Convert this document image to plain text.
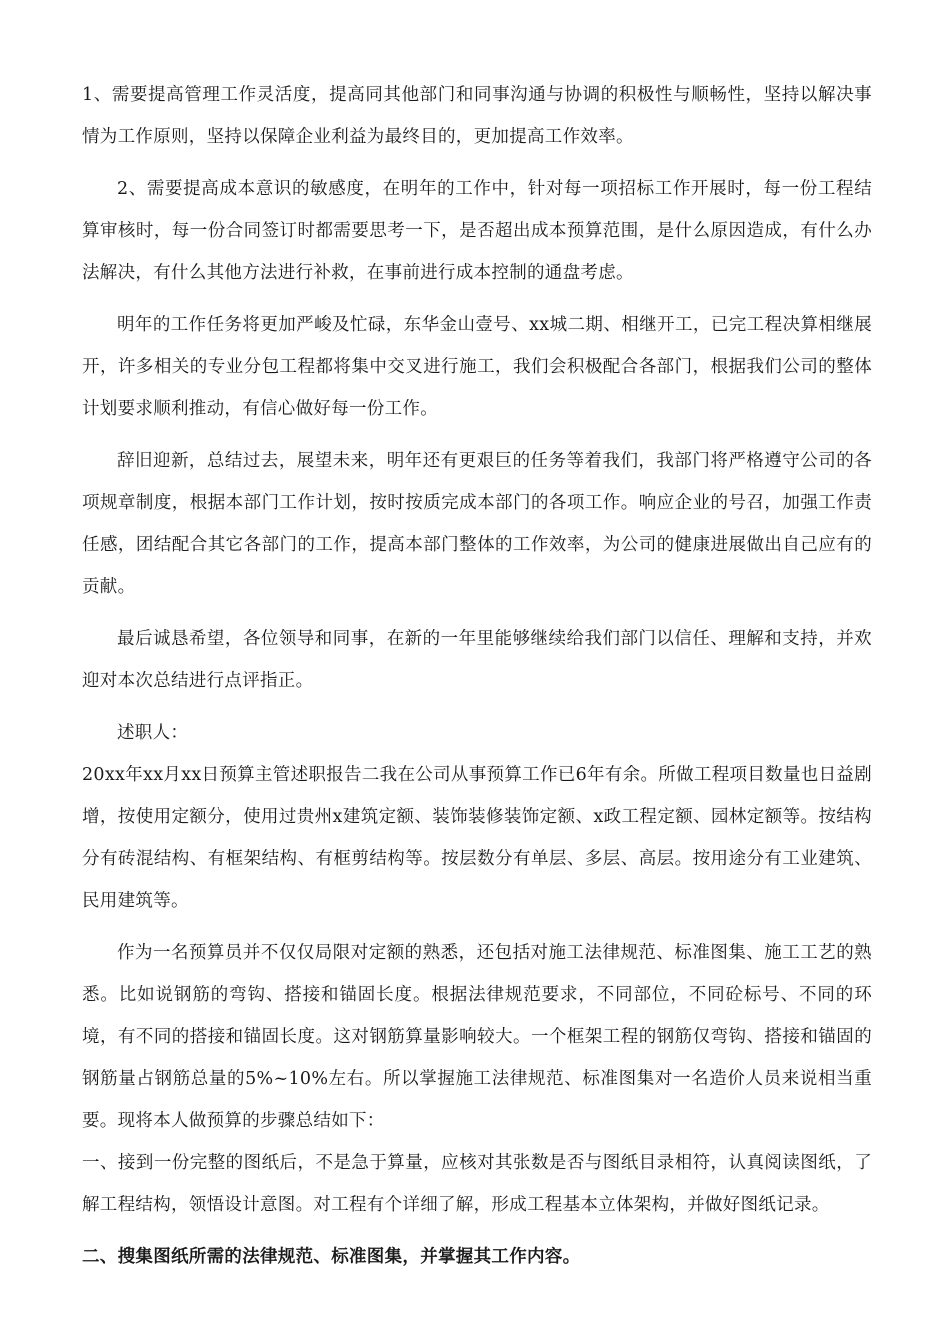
1、需要提高管理工作灵活度，提高同其他部门和同事沟通与协调的积极性与顺畅性，坚持以解决事情为工作原则，坚持以保障企业利益为最终目的，更加提高工作效率。

2、需要提高成本意识的敏感度，在明年的工作中，针对每一项招标工作开展时，每一份工程结算审核时，每一份合同签订时都需要思考一下，是否超出成本预算范围，是什么原因造成，有什么办法解决，有什么其他方法进行补救，在事前进行成本控制的通盘考虑。

明年的工作任务将更加严峻及忙碌，东华金山壹号、xx城二期、相继开工，已完工程决算相继展开，许多相关的专业分包工程都将集中交叉进行施工，我们会积极配合各部门，根据我们公司的整体计划要求顺利推动，有信心做好每一份工作。

辞旧迎新，总结过去，展望未来，明年还有更艰巨的任务等着我们，我部门将严格遵守公司的各项规章制度，根据本部门工作计划，按时按质完成本部门的各项工作。响应企业的号召，加强工作责任感，团结配合其它各部门的工作，提高本部门整体的工作效率，为公司的健康进展做出自己应有的贡献。

最后诚恳希望，各位领导和同事，在新的一年里能够继续给我们部门以信任、理解和支持，并欢迎对本次总结进行点评指正。

述职人：

20xx年xx月xx日预算主管述职报告二我在公司从事预算工作已6年有余。所做工程项目数量也日益剧增，按使用定额分，使用过贵州x建筑定额、装饰装修装饰定额、x政工程定额、园林定额等。按结构分有砖混结构、有框架结构、有框剪结构等。按层数分有单层、多层、高层。按用途分有工业建筑、民用建筑等。

作为一名预算员并不仅仅局限对定额的熟悉，还包括对施工法律规范、标准图集、施工工艺的熟悉。比如说钢筋的弯钩、搭接和锚固长度。根据法律规范要求，不同部位，不同砼标号、不同的环境，有不同的搭接和锚固长度。这对钢筋算量影响较大。一个框架工程的钢筋仅弯钩、搭接和锚固的钢筋量占钢筋总量的5%~10%左右。所以掌握施工法律规范、标准图集对一名造价人员来说相当重要。现将本人做预算的步骤总结如下：

一、接到一份完整的图纸后，不是急于算量，应核对其张数是否与图纸目录相符，认真阅读图纸，了解工程结构，领悟设计意图。对工程有个详细了解，形成工程基本立体架构，并做好图纸记录。

二、搜集图纸所需的法律规范、标准图集，并掌握其工作内容。
